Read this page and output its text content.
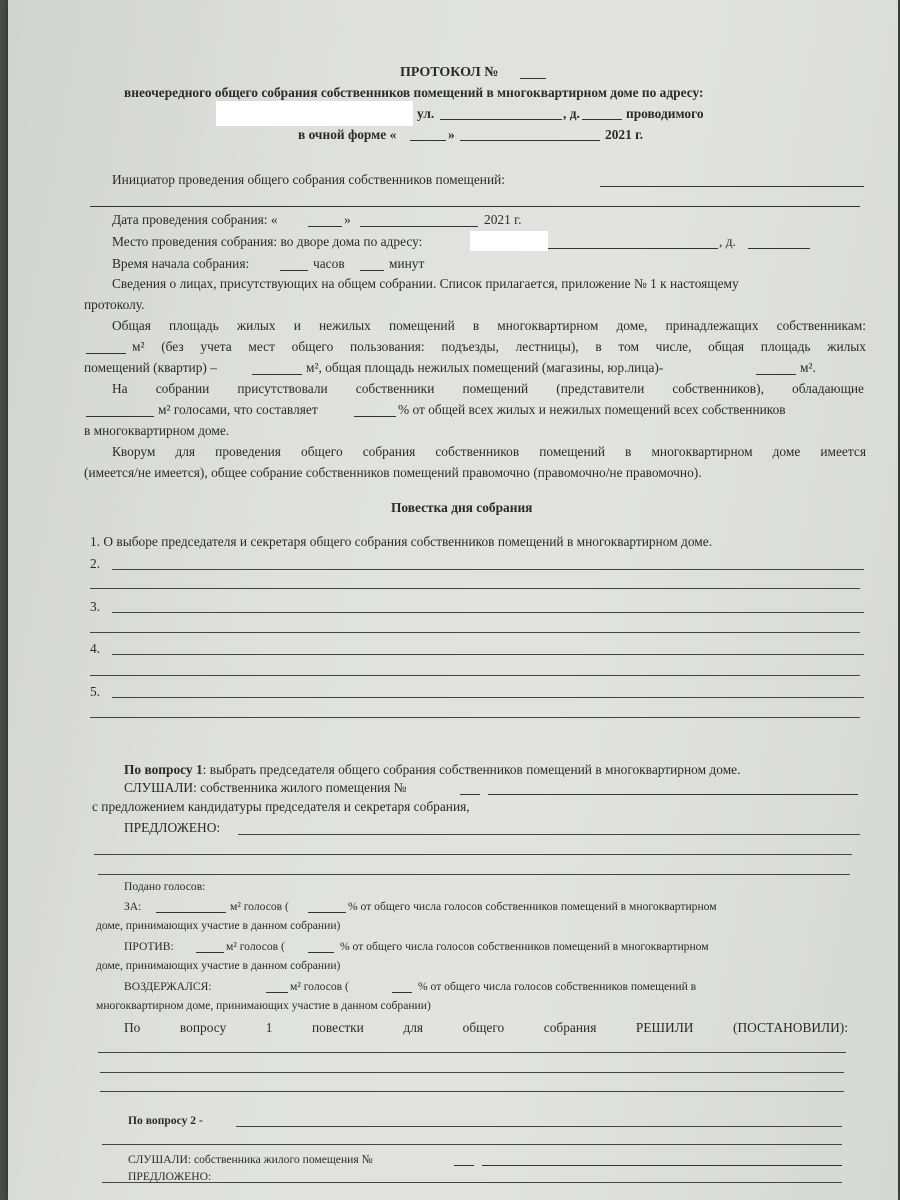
ПРОТОКОЛ №
внеочередного общего собрания собственников помещений в многоквартирном доме по адресу:
ул.	, д.	проводимого
в очной форме «	»	2021 г.
Инициатор проведения общего собрания собственников помещений:
Дата проведения собрания: «	»	2021 г.
Место проведения собрания: во дворе дома по адресу:	, д.
Время начала собрания:	часов	минут
Сведения о лицах, присутствующих на общем собрании. Список прилагается, приложение № 1 к настоящему
протоколу.
Общая площадь жилых и нежилых помещений в многоквартирном доме, принадлежащих собственникам:
м² (без учета мест общего пользования: подъезды, лестницы), в том числе, общая площадь жилых
помещений (квартир) –	м², общая площадь нежилых помещений (магазины, юр.лица)-	м².
На собрании присутствовали собственники помещений (представители собственников), обладающие
м² голосами, что составляет	% от общей всех жилых и нежилых помещений всех собственников
в многоквартирном доме.
Кворум для проведения общего собрания собственников помещений в многоквартирном доме имеется
(имеется/не имеется), общее собрание собственников помещений правомочно (правомочно/не правомочно).
Повестка дня собрания
1. О выборе председателя и секретаря общего собрания собственников помещений в многоквартирном доме.
2.
3.
4.
5.
По вопросу 1: выбрать председателя общего собрания собственников помещений в многоквартирном доме.
СЛУШАЛИ: собственника жилого помещения №
с предложением кандидатуры председателя и секретаря собрания,
ПРЕДЛОЖЕНО:
Подано голосов:
ЗА:	м² голосов (	% от общего числа голосов собственников помещений в многоквартирном
доме, принимающих участие в данном собрании)
ПРОТИВ:	м² голосов (	% от общего числа голосов собственников помещений в многоквартирном
доме, принимающих участие в данном собрании)
ВОЗДЕРЖАЛСЯ:	м² голосов (	% от общего числа голосов собственников помещений в
многоквартирном доме, принимающих участие в данном собрании)
По вопросу 1 повестки для общего собрания РЕШИЛИ (ПОСТАНОВИЛИ):
По вопросу 2 -
СЛУШАЛИ: собственника жилого помещения №
ПРЕДЛОЖЕНО:
